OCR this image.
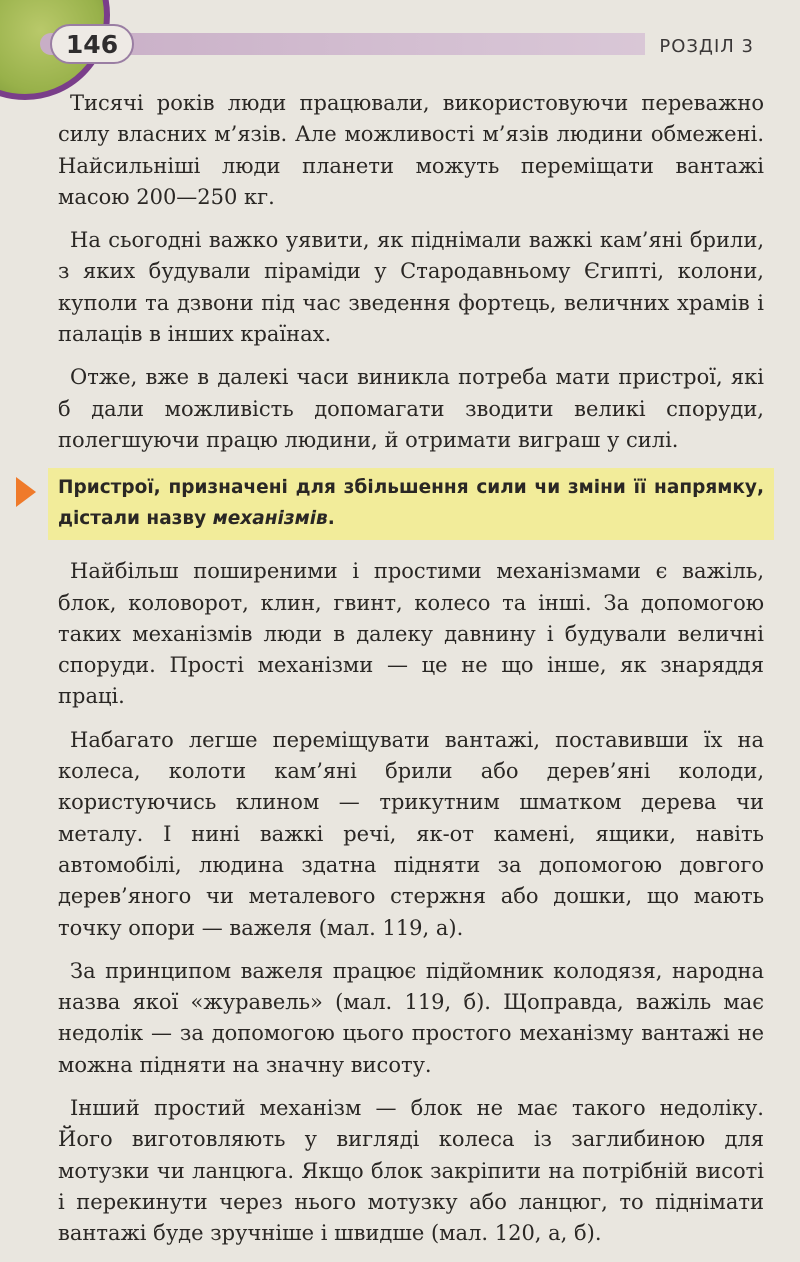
146	РОЗДІЛ 3

Тисячі років люди працювали, використовуючи переважно силу власних м’язів. Але можливості м’язів людини обмежені. Найсильніші люди планети можуть переміщати вантажі масою 200—250 кг.

На сьогодні важко уявити, як піднімали важкі кам’яні брили, з яких будували піраміди у Стародавньому Єгипті, колони, куполи та дзвони під час зведення фортець, величних храмів і палаців в інших країнах.

Отже, вже в далекі часи виникла потреба мати пристрої, які б дали можливість допомагати зводити великі споруди, полегшуючи працю людини, й отримати виграш у силі.

Пристрої, призначені для збільшення сили чи зміни її напрямку, дістали назву механізмів.

Найбільш поширеними і простими механізмами є важіль, блок, коловорот, клин, гвинт, колесо та інші. За допомогою таких механізмів люди в далеку давнину і будували величні споруди. Прості механізми — це не що інше, як знаряддя праці.

Набагато легше переміщувати вантажі, поставивши їх на колеса, колоти кам’яні брили або дерев’яні колоди, користуючись клином — трикутним шматком дерева чи металу. І нині важкі речі, як-от камені, ящики, навіть автомобілі, людина здатна підняти за допомогою довгого дерев’яного чи металевого стержня або дошки, що мають точку опори — важеля (мал. 119, а).

За принципом важеля працює підйомник колодязя, народна назва якої «журавель» (мал. 119, б). Щоправда, важіль має недолік — за допомогою цього простого механізму вантажі не можна підняти на значну висоту.

Інший простий механізм — блок не має такого недоліку. Його виготовляють у вигляді колеса із заглибиною для мотузки чи ланцюга. Якщо блок закріпити на потрібній висоті і перекинути через нього мотузку або ланцюг, то піднімати вантажі буде зручніше і швидше (мал. 120, а, б).
